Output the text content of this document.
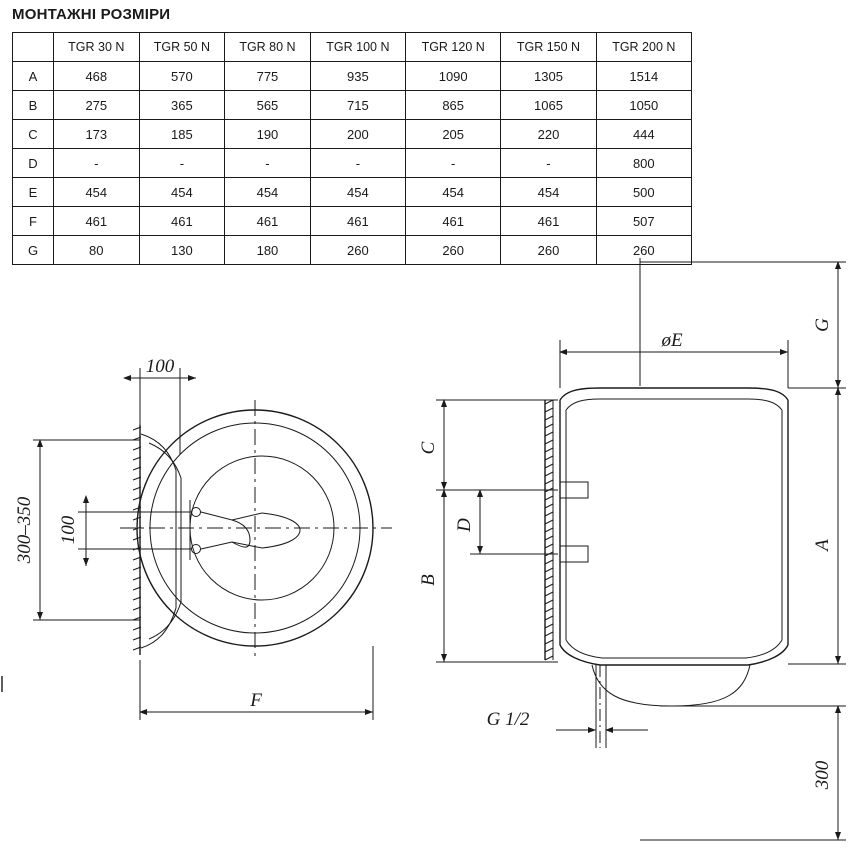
МОНТАЖНІ РОЗМІРИ
	TGR 30 N	TGR 50 N	TGR 80 N	TGR 100 N	TGR 120 N	TGR 150 N	TGR 200 N
A	468	570	775	935	1090	1305	1514
B	275	365	565	715	865	1065	1050
C	173	185	190	200	205	220	444
D	-	-	-	-	-	-	800
E	454	454	454	454	454	454	500
F	461	461	461	461	461	461	507
G	80	130	180	260	260	260	260
100
300–350 100
F
øE
G
A
300
C
D
B
G 1/2
